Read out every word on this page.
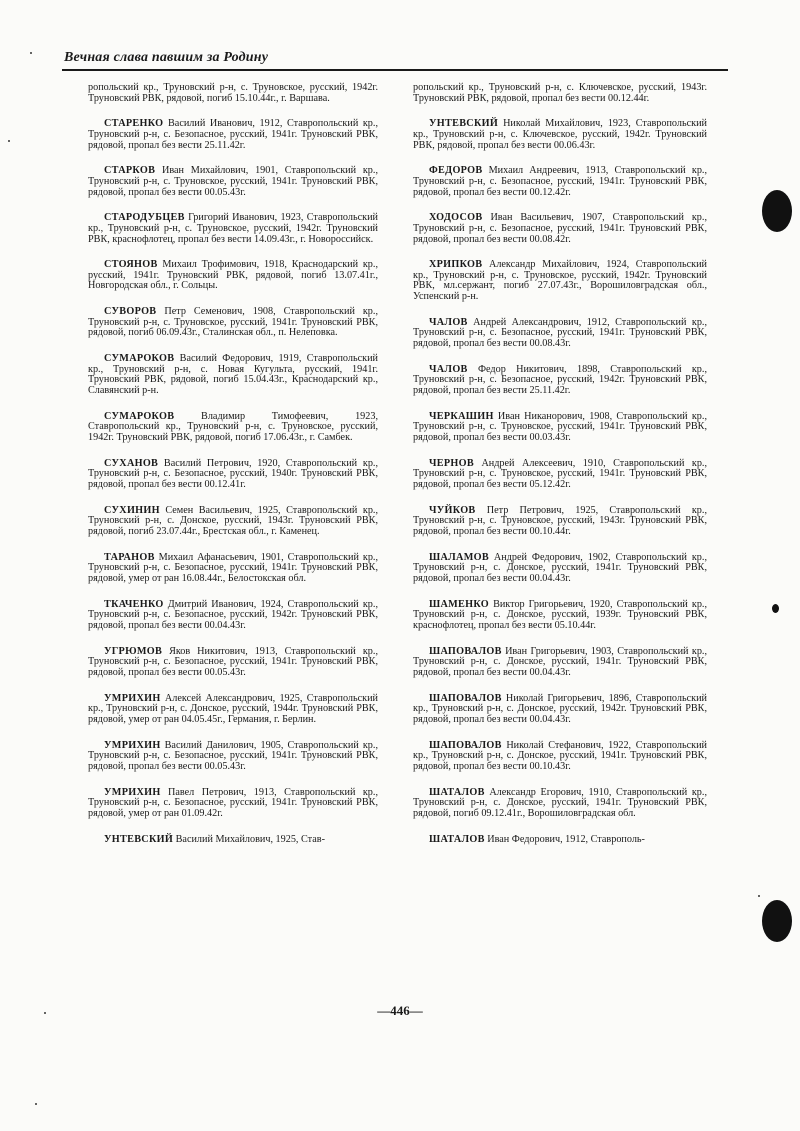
Вечная слава павшим за Родину
ропольский кр., Труновский р-н, с. Труновское, русский, 1942г. Труновский РВК, рядовой, погиб 15.10.44г., г. Варшава.
СТАРЕНКО Василий Иванович, 1912, Ставропольский кр., Труновский р-н, с. Безопасное, русский, 1941г. Труновский РВК, рядовой, пропал без вести 25.11.42г.
СТАРКОВ Иван Михайлович, 1901, Ставропольский кр., Труновский р-н, с. Труновское, русский, 1941г. Труновский РВК, рядовой, пропал без вести 00.05.43г.
СТАРОДУБЦЕВ Григорий Иванович, 1923, Ставропольский кр., Труновский р-н, с. Труновское, русский, 1942г. Труновский РВК, краснофлотец, пропал без вести 14.09.43г., г. Новороссийск.
СТОЯНОВ Михаил Трофимович, 1918, Краснодарский кр., русский, 1941г. Труновский РВК, рядовой, погиб 13.07.41г., Новгородская обл., г. Сольцы.
СУВОРОВ Петр Семенович, 1908, Ставропольский кр., Труновский р-н, с. Труновское, русский, 1941г. Труновский РВК, рядовой, погиб 06.09.43г., Сталинская обл., п. Нелеповка.
СУМАРОКОВ Василий Федорович, 1919, Ставропольский кр., Труновский р-н, с. Новая Кугульта, русский, 1941г. Труновский РВК, рядовой, погиб 15.04.43г., Краснодарский кр., Славянский р-н.
СУМАРОКОВ	Владимир Тимофеевич, 1923, Ставропольский кр., Труновский р-н, с. Труновское, русский, 1942г. Труновский РВК, рядовой, погиб 17.06.43г., г. Самбек.
СУХАНОВ Василий Петрович, 1920, Ставропольский кр., Труновский р-н, с. Безопасное, русский, 1940г. Труновский РВК, рядовой, пропал без вести 00.12.41г.
СУХИНИН Семен Васильевич, 1925, Ставропольский кр., Труновский р-н, с. Донское, русский, 1943г. Труновский РВК, рядовой, погиб 23.07.44г., Брестская обл., г. Каменец.
ТАРАНОВ Михаил Афанасьевич, 1901, Ставропольский кр., Труновский р-н, с. Безопасное, русский, 1941г. Труновский РВК, рядовой, умер от ран 16.08.44г., Белостокская обл.
ТКАЧЕНКО Дмитрий Иванович, 1924, Ставропольский кр., Труновский р-н, с. Безопасное, русский, 1942г. Труновский РВК, рядовой, пропал без вести 00.04.43г.
УГРЮМОВ Яков Никитович, 1913, Ставропольский кр., Труновский р-н, с. Безопасное, русский, 1941г. Труновский РВК, рядовой, пропал без вести 00.05.43г.
УМРИХИН Алексей Александрович, 1925, Ставропольский кр., Труновский р-н, с. Донское, русский, 1944г. Труновский РВК, рядовой, умер от ран 04.05.45г., Германия, г. Берлин.
УМРИХИН Василий Данилович, 1905, Ставропольский кр., Труновский р-н, с. Безопасное, русский, 1941г. Труновский РВК, рядовой, пропал без вести 00.05.43г.
УМРИХИН Павел Петрович, 1913, Ставропольский кр., Труновский р-н, с. Безопасное, русский, 1941г. Труновский РВК, рядовой, умер от ран 01.09.42г.
УНТЕВСКИЙ Василий Михайлович, 1925, Став-
ропольский кр., Труновский р-н, с. Ключевское, русский, 1943г. Труновский РВК, рядовой, пропал без вести 00.12.44г.
УНТЕВСКИЙ Николай Михайлович, 1923, Ставропольский кр., Труновский р-н, с. Ключевское, русский, 1942г. Труновский РВК, рядовой, пропал без вести 00.06.43г.
ФЕДОРОВ Михаил Андреевич, 1913, Ставропольский кр., Труновский р-н, с. Безопасное, русский, 1941г. Труновский РВК, рядовой, пропал без вести 00.12.42г.
ХОДОСОВ Иван Васильевич, 1907, Ставропольский кр., Труновский р-н, с. Безопасное, русский, 1941г. Труновский РВК, рядовой, пропал без вести 00.08.42г.
ХРИПКОВ Александр Михайлович, 1924, Ставропольский кр., Труновский р-н, с. Труновское, русский, 1942г. Труновский РВК, мл.сержант, погиб 27.07.43г., Ворошиловградская обл., Успенский р-н.
ЧАЛОВ Андрей Александрович, 1912, Ставропольский кр., Труновский р-н, с. Безопасное, русский, 1941г. Труновский РВК, рядовой, пропал без вести 00.08.43г.
ЧАЛОВ Федор Никитович, 1898, Ставропольский кр., Труновский р-н, с. Безопасное, русский, 1942г. Труновский РВК, рядовой, пропал без вести 25.11.42г.
ЧЕРКАШИН Иван Никанорович, 1908, Ставропольский кр., Труновский р-н, с. Труновское, русский, 1941г. Труновский РВК, рядовой, пропал без вести 00.03.43г.
ЧЕРНОВ Андрей Алексеевич, 1910, Ставропольский кр., Труновский р-н, с. Труновское, русский, 1941г. Труновский РВК, рядовой, пропал без вести 05.12.42г.
ЧУЙКОВ Петр Петрович, 1925, Ставропольский кр., Труновский р-н, с. Труновское, русский, 1943г. Труновский РВК, рядовой, пропал без вести 00.10.44г.
ШАЛАМОВ Андрей Федорович, 1902, Ставропольский кр., Труновский р-н, с. Донское, русский, 1941г. Труновский РВК, рядовой, пропал без вести 00.04.43г.
ШАМЕНКО Виктор Григорьевич, 1920, Ставропольский кр., Труновский р-н, с. Донское, русский, 1939г. Труновский РВК, краснофлотец, пропал без вести 05.10.44г.
ШАПОВАЛОВ Иван Григорьевич, 1903, Ставропольский кр., Труновский р-н, с. Донское, русский, 1941г. Труновский РВК, рядовой, пропал без вести 00.04.43г.
ШАПОВАЛОВ Николай Григорьевич, 1896, Ставропольский кр., Труновский р-н, с. Донское, русский, 1942г. Труновский РВК, рядовой, пропал без вести 00.04.43г.
ШАПОВАЛОВ Николай Стефанович, 1922, Ставропольский кр., Труновский р-н, с. Донское, русский, 1941г. Труновский РВК, рядовой, пропал без вести 00.10.43г.
ШАТАЛОВ Александр Егорович, 1910, Ставропольский кр., Труновский р-н, с. Донское, русский, 1941г. Труновский РВК, рядовой, погиб 09.12.41г., Ворошиловградская обл.
ШАТАЛОВ Иван Федорович, 1912, Ставрополь-
—446—
